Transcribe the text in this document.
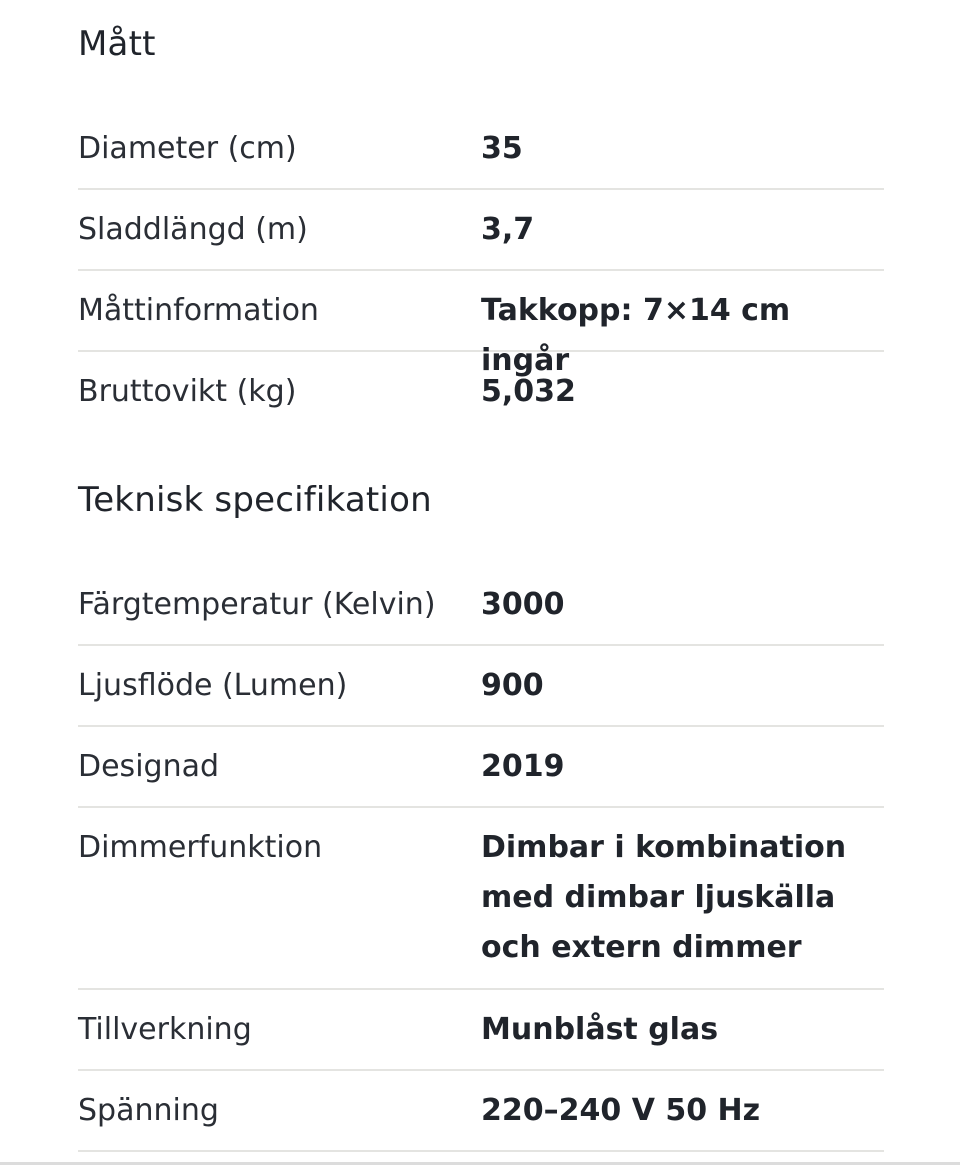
Mått
Diameter (cm)	35
Sladdlängd (m)	3,7
Måttinformation	Takkopp: 7×14 cm ingår
Bruttovikt (kg)	5,032
Teknisk specifikation
Färgtemperatur (Kelvin)	3000
Ljusflöde (Lumen)	900
Designad	2019
Dimmerfunktion	Dimbar i kombination med dimbar ljuskälla och extern dimmer
Tillverkning	Munblåst glas
Spänning	220–240 V 50 Hz
